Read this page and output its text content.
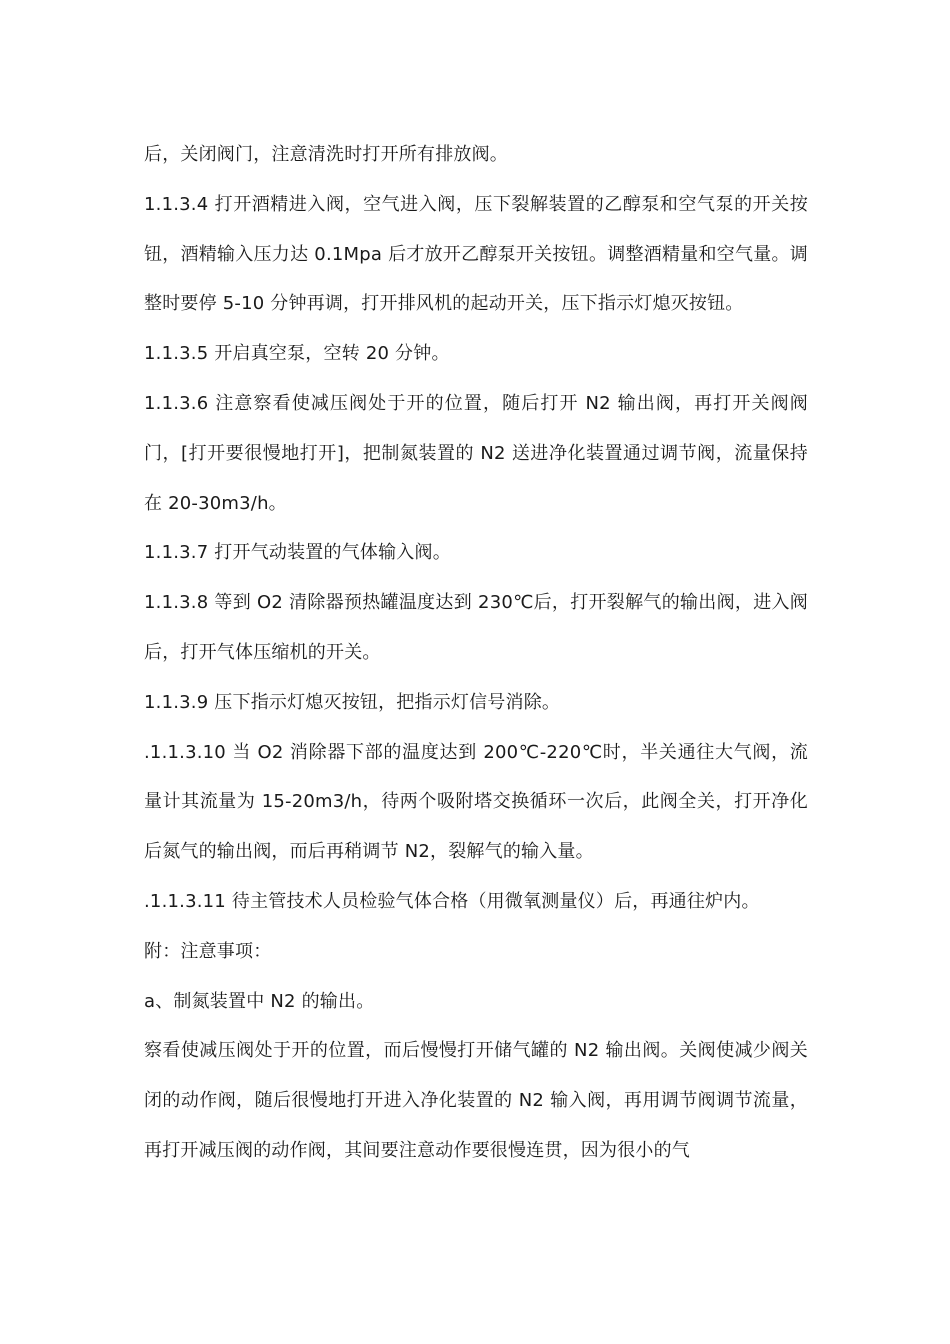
后，关闭阀门，注意清洗时打开所有排放阀。

1.1.3.4 打开酒精进入阀，空气进入阀，压下裂解装置的乙醇泵和空气泵的开关按钮，酒精输入压力达 0.1Mpa 后才放开乙醇泵开关按钮。调整酒精量和空气量。调整时要停 5-10 分钟再调，打开排风机的起动开关，压下指示灯熄灭按钮。

1.1.3.5 开启真空泵，空转 20 分钟。

1.1.3.6 注意察看使减压阀处于开的位置，随后打开 N2 输出阀，再打开关阀阀门，[打开要很慢地打开]，把制氮装置的 N2 送进净化装置通过调节阀，流量保持在 20-30m3/h。

1.1.3.7 打开气动装置的气体输入阀。

1.1.3.8 等到 O2 清除器预热罐温度达到 230℃后，打开裂解气的输出阀，进入阀后，打开气体压缩机的开关。

1.1.3.9 压下指示灯熄灭按钮，把指示灯信号消除。

.1.1.3.10 当 O2 消除器下部的温度达到 200℃-220℃时，半关通往大气阀，流量计其流量为 15-20m3/h，待两个吸附塔交换循环一次后，此阀全关，打开净化后氮气的输出阀，而后再稍调节 N2，裂解气的输入量。

.1.1.3.11 待主管技术人员检验气体合格（用微氧测量仪）后，再通往炉内。

附：注意事项：

a、制氮装置中 N2 的输出。

察看使减压阀处于开的位置，而后慢慢打开储气罐的 N2 输出阀。关阀使减少阀关闭的动作阀，随后很慢地打开进入净化装置的 N2 输入阀，再用调节阀调节流量，再打开减压阀的动作阀，其间要注意动作要很慢连贯，因为很小的气
